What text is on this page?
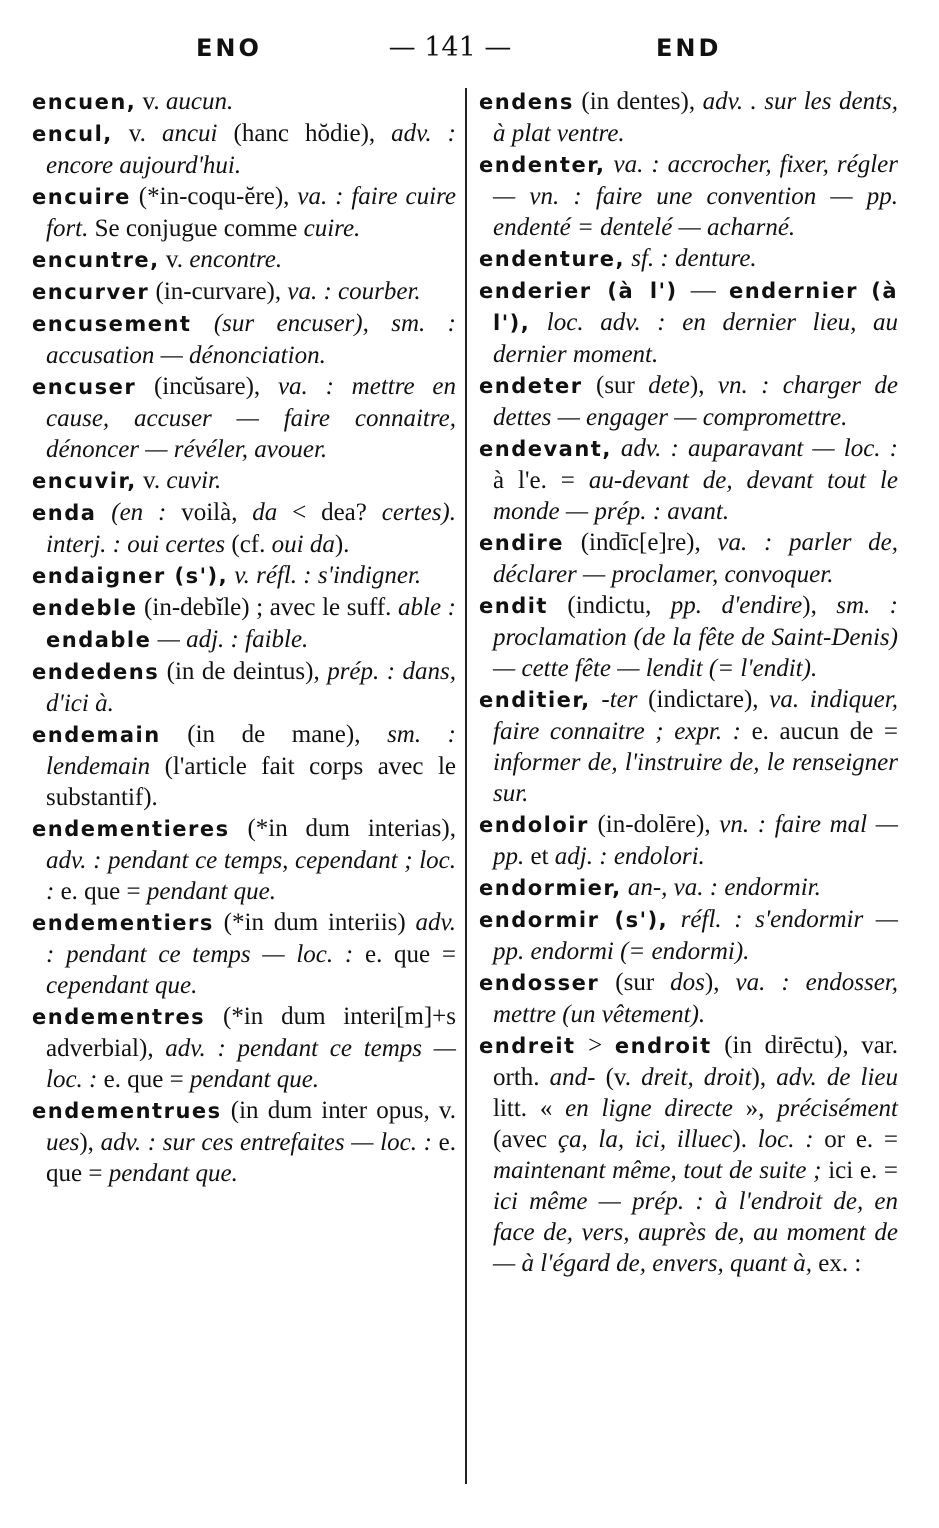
ENO	— 141 —	END

encuen, v. aucun.

encul, v. ancui (hanc hŏdie), adv. : encore aujourd'hui.

encuire (*in-coqu-ĕre), va. : faire cuire fort. Se conjugue comme cuire.

encuntre, v. encontre.

encurver (in-curvare), va. : courber.

encusement (sur encuser), sm. : accusation — dénonciation.

encuser (incŭsare), va. : mettre en cause, accuser — faire connaitre, dénoncer — révéler, avouer.

encuvir, v. cuvir.

enda (en : voilà, da < dea? certes). interj. : oui certes (cf. oui da).

endaigner (s'), v. réfl. : s'indigner.

endeble (in-debĭle) ; avec le suff. able : endable — adj. : faible.

endedens (in de deintus), prép. : dans, d'ici à.

endemain (in de mane), sm. : lendemain (l'article fait corps avec le substantif).

endementieres (*in dum interias), adv. : pendant ce temps, cependant ; loc. : e. que = pendant que.

endementiers (*in dum interiis) adv. : pendant ce temps — loc. : e. que = cependant que.

endementres (*in dum interi[m]+s adverbial), adv. : pendant ce temps — loc. : e. que = pendant que.

endementrues (in dum inter opus, v. ues), adv. : sur ces entrefaites — loc. : e. que = pendant que.

endens (in dentes), adv. . sur les dents, à plat ventre.

endenter, va. : accrocher, fixer, régler — vn. : faire une convention — pp. endenté = dentelé — acharné.

endenture, sf. : denture.

enderier (à l') — endernier (à l'), loc. adv. : en dernier lieu, au dernier moment.

endeter (sur dete), vn. : charger de dettes — engager — compromettre.

endevant, adv. : auparavant — loc. : à l'e. = au-devant de, devant tout le monde — prép. : avant.

endire (indīc[e]re), va. : parler de, déclarer — proclamer, convoquer.

endit (indictu, pp. d'endire), sm. : proclamation (de la fête de Saint-Denis) — cette fête — lendit (= l'endit).

enditier, -ter (indictare), va. indiquer, faire connaitre ; expr. : e. aucun de = informer de, l'instruire de, le renseigner sur.

endoloir (in-dolēre), vn. : faire mal — pp. et adj. : endolori.

endormier, an-, va. : endormir.

endormir (s'), réfl. : s'endormir — pp. endormi (= endormi).

endosser (sur dos), va. : endosser, mettre (un vêtement).

endreit > endroit (in dirēctu), var. orth. and- (v. dreit, droit), adv. de lieu litt. « en ligne directe », précisément (avec ça, la, ici, illuec). loc. : or e. = maintenant même, tout de suite ; ici e. = ici même — prép. : à l'endroit de, en face de, vers, auprès de, au moment de — à l'égard de, envers, quant à, ex. :
